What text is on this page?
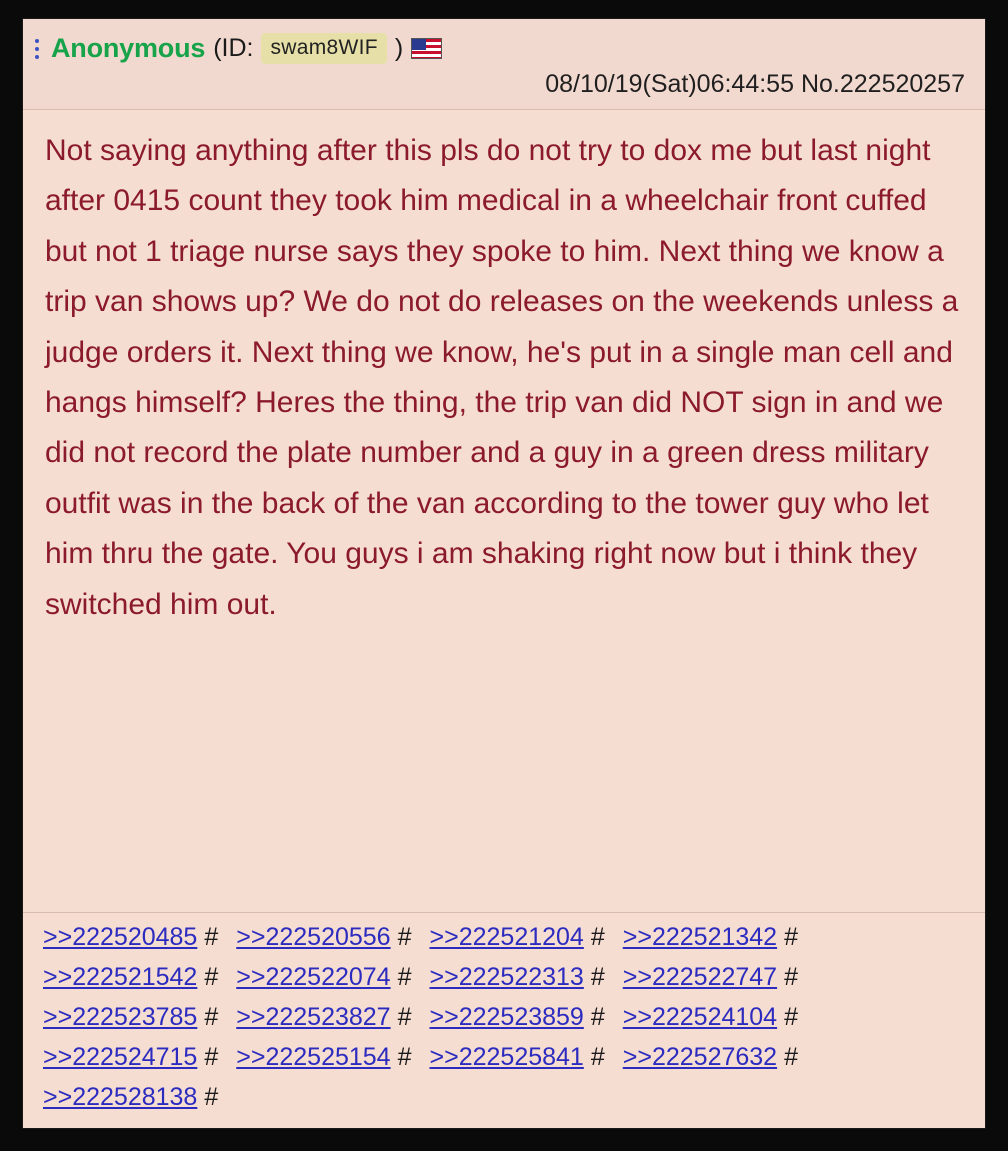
Anonymous (ID: swam8WIF )
08/10/19(Sat)06:44:55 No.222520257
Not saying anything after this pls do not try to dox me but last night after 0415 count they took him medical in a wheelchair front cuffed but not 1 triage nurse says they spoke to him. Next thing we know a trip van shows up? We do not do releases on the weekends unless a judge orders it. Next thing we know, he's put in a single man cell and hangs himself? Heres the thing, the trip van did NOT sign in and we did not record the plate number and a guy in a green dress military outfit was in the back of the van according to the tower guy who let him thru the gate. You guys i am shaking right now but i think they switched him out.
>>222520485 # >>222520556 # >>222521204 # >>222521342 #
>>222521542 # >>222522074 # >>222522313 # >>222522747 #
>>222523785 # >>222523827 # >>222523859 # >>222524104 #
>>222524715 # >>222525154 # >>222525841 # >>222527632 #
>>222528138 #
